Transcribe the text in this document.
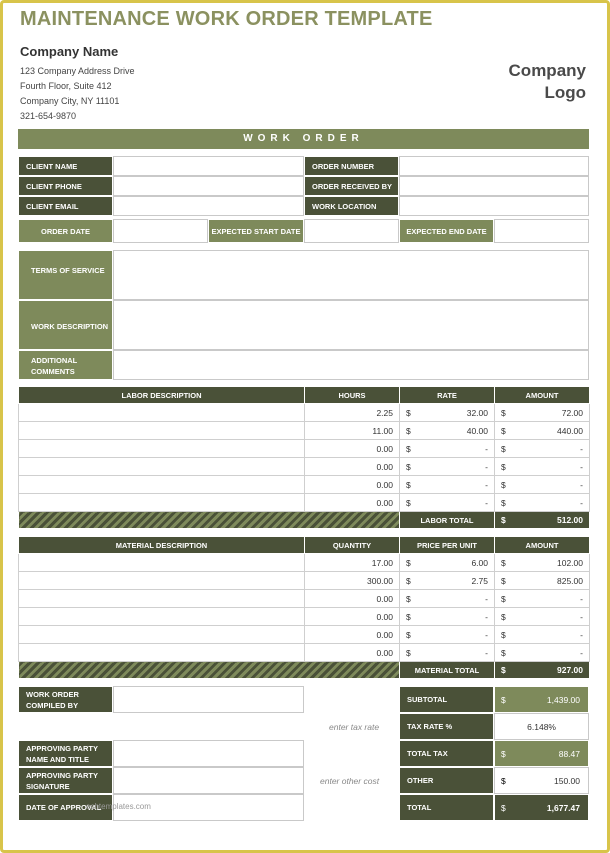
MAINTENANCE WORK ORDER TEMPLATE
Company Name
123 Company Address Drive
Fourth Floor, Suite 412
Company City, NY 11101
321-654-9870
Company
Logo
WORK ORDER
CLIENT NAME	ORDER NUMBER
CLIENT PHONE	ORDER RECEIVED BY
CLIENT EMAIL	WORK LOCATION
ORDER DATE	EXPECTED START DATE	EXPECTED END DATE
TERMS OF SERVICE
WORK DESCRIPTION
ADDITIONAL COMMENTS
LABOR DESCRIPTION	HOURS	RATE	AMOUNT
	2.25	$ 32.00	$ 72.00

	11.00	$ 40.00	$ 440.00

	0.00	$ -	$ -

	0.00	$ -	$ -

	0.00	$ -	$ -

	0.00	$ -	$ -

		LABOR TOTAL	$ 512.00
MATERIAL DESCRIPTION	QUANTITY	PRICE PER UNIT	AMOUNT
	17.00	$ 6.00	$ 102.00

	300.00	$ 2.75	$ 825.00

	0.00	$ -	$ -

	0.00	$ -	$ -

	0.00	$ -	$ -

	0.00	$ -	$ -

		MATERIAL TOTAL	$ 927.00
WORK ORDER COMPILED BY
APPROVING PARTY NAME AND TITLE
APPROVING PARTY SIGNATURE
DATE OF APPROVAL
echtemplates.com
enter tax rate
enter other cost
SUBTOTAL	$	1,439.00
TAX RATE %	6.148%
TOTAL TAX	$	88.47
OTHER	$	150.00
TOTAL	$	1,677.47
